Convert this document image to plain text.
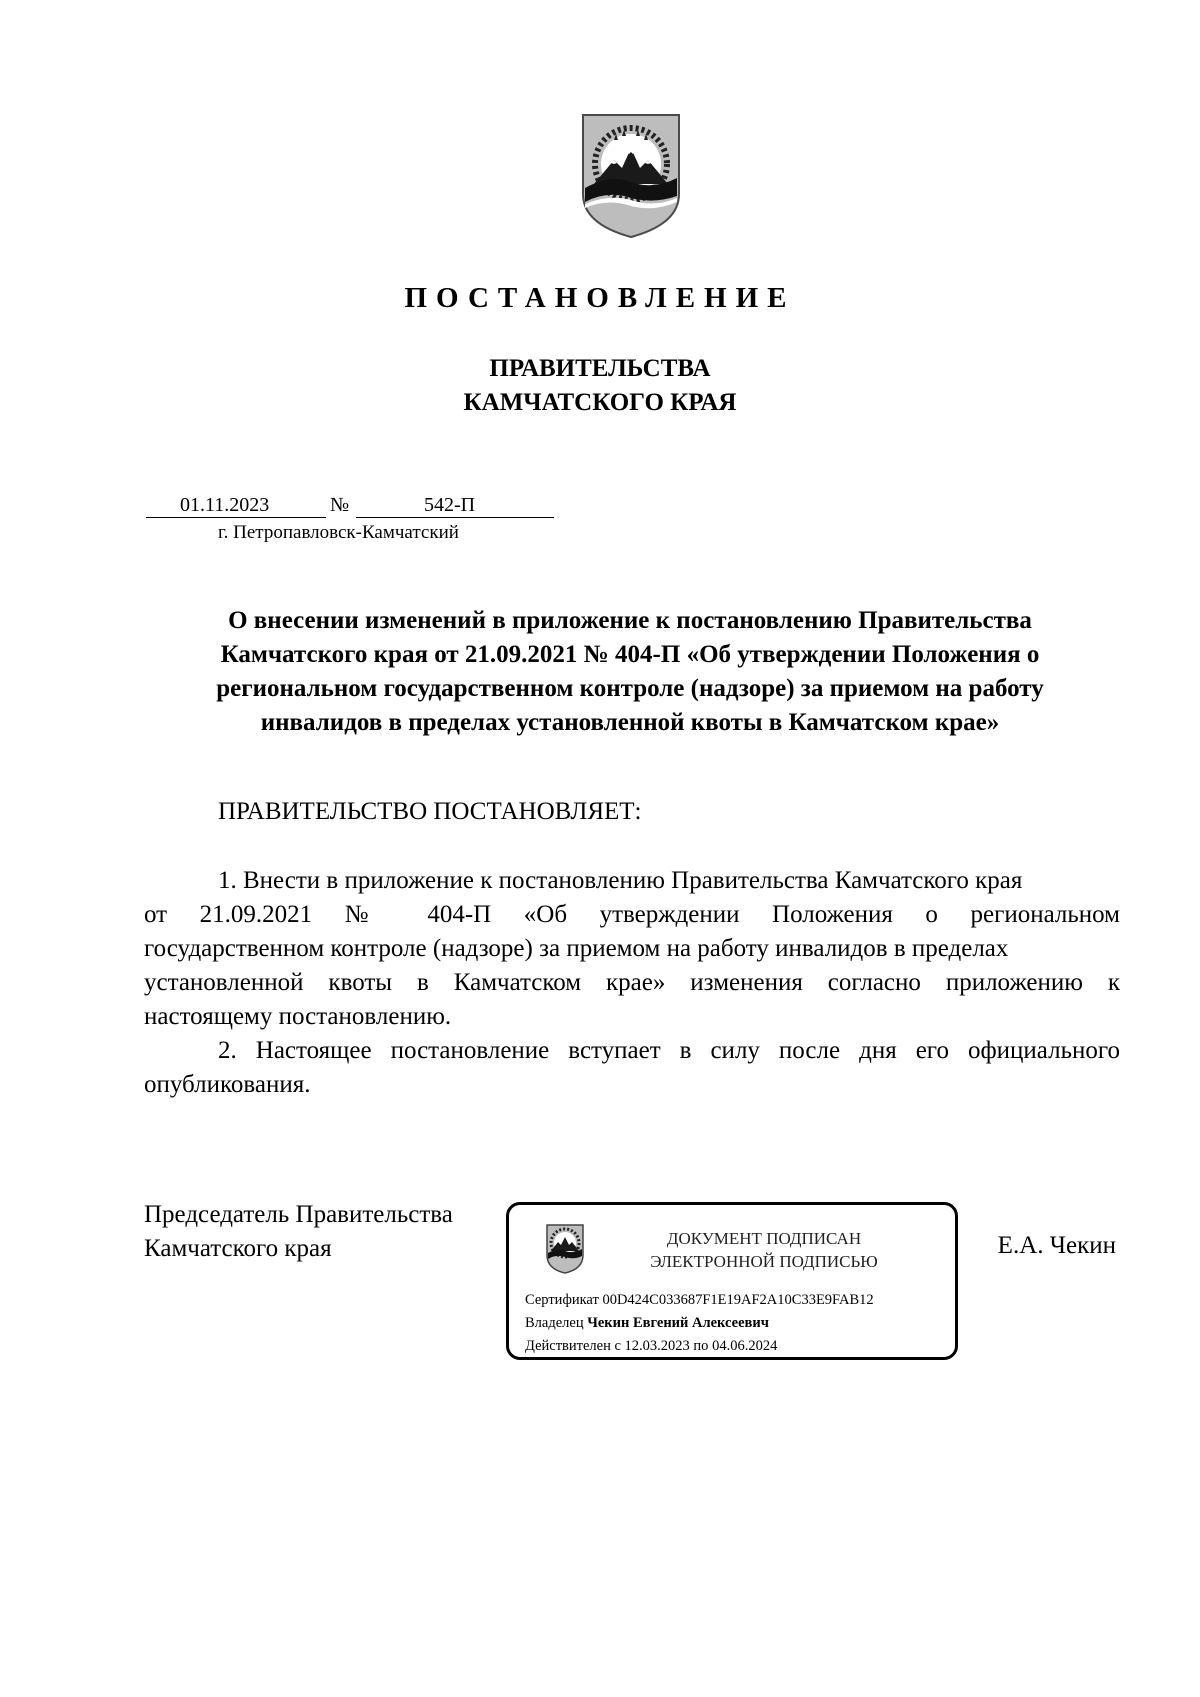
ПОСТАНОВЛЕНИЕ
ПРАВИТЕЛЬСТВА
КАМЧАТСКОГО КРАЯ
01.11.2023	№	542-П
г. Петропавловск-Камчатский
О внесении изменений в приложение к постановлению Правительства
Камчатского края от 21.09.2021 № 404-П «Об утверждении Положения о
региональном государственном контроле (надзоре) за приемом на работу
инвалидов в пределах установленной квоты в Камчатском крае»
ПРАВИТЕЛЬСТВО ПОСТАНОВЛЯЕТ:
1. Внести в приложение к постановлению Правительства Камчатского края
от 21.09.2021 № 404-П «Об утверждении Положения о региональном
государственном контроле (надзоре) за приемом на работу инвалидов в пределах
установленной квоты в Камчатском крае» изменения согласно приложению к
настоящему постановлению.
2. Настоящее постановление вступает в силу после дня его официального
опубликования.
Председатель Правительства
Камчатского края	ДОКУМЕНТ ПОДПИСАН
ЭЛЕКТРОННОЙ ПОДПИСЬЮ
Сертификат 00D424C033687F1E19AF2A10C33E9FAB12
Владелец Чекин Евгений Алексеевич
Действителен с 12.03.2023 по 04.06.2024
Е.А. Чекин
